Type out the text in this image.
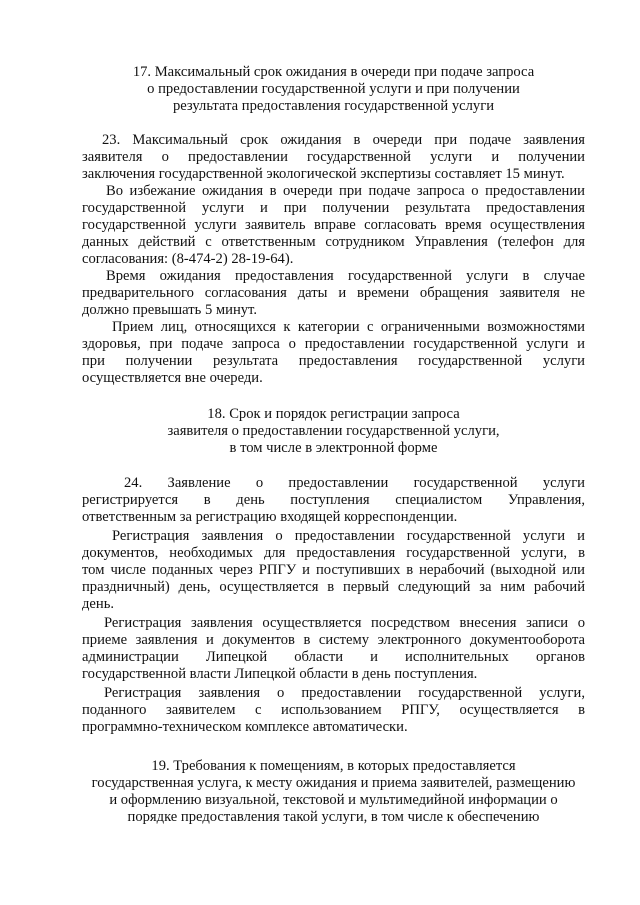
17. Максимальный срок ожидания в очереди при подаче запроса
о предоставлении государственной услуги и при получении
результата предоставления государственной услуги
23. Максимальный срок ожидания в очереди при подаче заявления
заявителя о предоставлении государственной услуги и получении
заключения государственной экологической экспертизы составляет 15 минут.
Во избежание ожидания в очереди при подаче запроса о предоставлении
государственной услуги и при получении результата предоставления
государственной услуги заявитель вправе согласовать время осуществления
данных действий с ответственным сотрудником Управления (телефон для
согласования: (8-474-2) 28-19-64).
Время ожидания предоставления государственной услуги в случае
предварительного согласования даты и времени обращения заявителя не
должно превышать 5 минут.
Прием лиц, относящихся к категории с ограниченными возможностями
здоровья, при подаче запроса о предоставлении государственной услуги и
при получении результата предоставления государственной услуги
осуществляется вне очереди.
18. Срок и порядок регистрации запроса
заявителя о предоставлении государственной услуги,
в том числе в электронной форме
24. Заявление о предоставлении государственной услуги
регистрируется в день поступления специалистом Управления,
ответственным за регистрацию входящей корреспонденции.
Регистрация заявления о предоставлении государственной услуги и
документов, необходимых для предоставления государственной услуги, в
том числе поданных через РПГУ и поступивших в нерабочий (выходной или
праздничный) день, осуществляется в первый следующий за ним рабочий
день.
Регистрация заявления осуществляется посредством внесения записи о
приеме заявления и документов в систему электронного документооборота
администрации Липецкой области и исполнительных органов
государственной власти Липецкой области в день поступления.
Регистрация заявления о предоставлении государственной услуги,
поданного заявителем с использованием РПГУ, осуществляется в
программно-техническом комплексе автоматически.
19. Требования к помещениям, в которых предоставляется
государственная услуга, к месту ожидания и приема заявителей, размещению
и оформлению визуальной, текстовой и мультимедийной информации о
порядке предоставления такой услуги, в том числе к обеспечению
